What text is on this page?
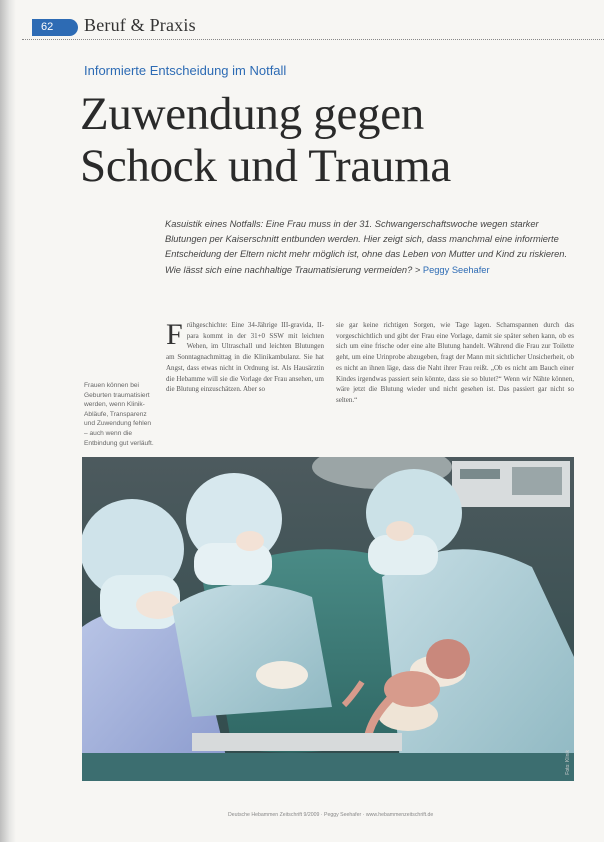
62	Beruf & Praxis
Informierte Entscheidung im Notfall
Zuwendung gegen
Schock und Trauma

Kasuistik eines Notfalls: Eine Frau muss in der 31. Schwangerschaftswoche wegen starker Blutungen per Kaiserschnitt entbunden werden. Hier zeigt sich, dass manchmal eine informierte Entscheidung der Eltern nicht mehr möglich ist, ohne das Leben von Mutter und Kind zu riskieren. Wie lässt sich eine nachhaltige Traumatisierung vermeiden? > Peggy Seehafer

Frauen können bei Geburten traumatisiert werden, wenn Klinik-Abläufe, Transparenz und Zuwendung fehlen – auch wenn die Entbindung gut verläuft.
F rühgeschichte: Eine 34-Jährige III-gravida, II-para kommt in der 31+0 SSW mit leichten Wehen, im Ultraschall und leichten Blutungen am Sonntagnachmittag in die Klinikambulanz. Sie hat Angst, dass etwas nicht in Ordnung ist. Als Hausärztin die Hebamme will sie die Vorlage der Frau ansehen, um die Blutung einzuschätzen. Aber so
sie gar keine richtigen Sorgen, wie Tage lagen. Schamspannen durch das vorgeschichtlich und gibt der Frau eine Vorlage, damit sie später sehen kann, ob es sich um eine frische oder eine alte Blutung handelt. Während die Frau zur Toilette geht, um eine Urinprobe abzugeben, fragt der Mann mit sichtlicher Unsicherheit, ob es nicht an ihnen läge, dass die Naht ihrer Frau reißt. „Ob es nicht am Bauch einer Kindes irgendwas passiert sein könnte, dass sie so blutet?“ Wenn wir Nähte können, wäre jetzt die Blutung wieder und nicht gesehen ist. Das passiert gar nicht so selten.“
Foto: Klinik
Deutsche Hebammen Zeitschrift 9/2009 · Peggy Seehafer · www.hebammenzeitschrift.de
